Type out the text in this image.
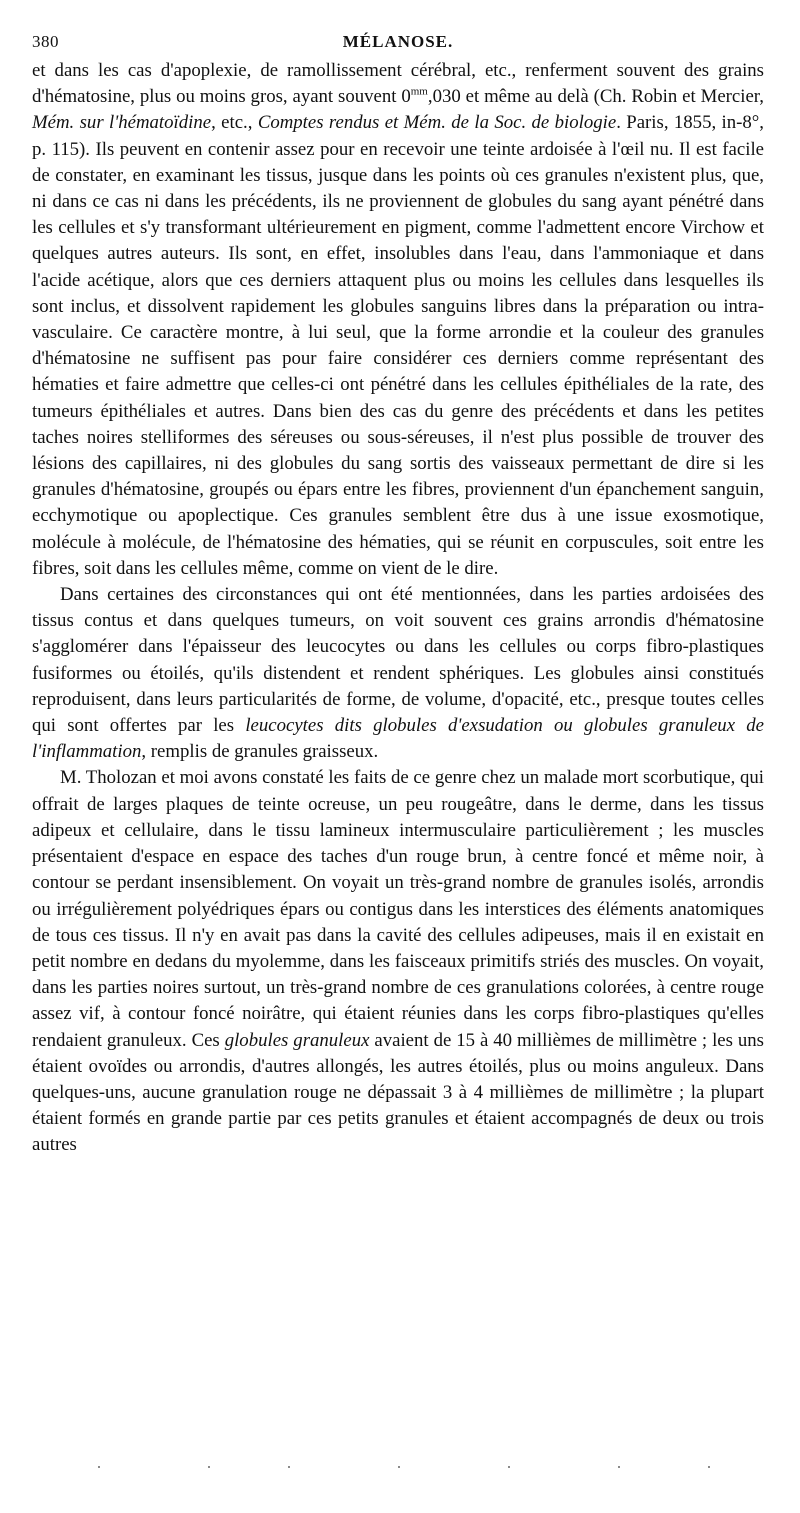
380	MÉLANOSE.

et dans les cas d'apoplexie, de ramollissement cérébral, etc., renferment souvent des grains d'hématosine, plus ou moins gros, ayant souvent $0^{mm},030$ et même au delà (Ch. Robin et Mercier, Mém. sur l'hématoïdine, etc., Comptes rendus et Mém. de la Soc. de biologie. Paris, 1855, in-8°, p. 115). Ils peuvent en contenir assez pour en recevoir une teinte ardoisée à l'œil nu. Il est facile de constater, en examinant les tissus, jusque dans les points où ces granules n'existent plus, que, ni dans ce cas ni dans les précédents, ils ne proviennent de globules du sang ayant pénétré dans les cellules et s'y transformant ultérieurement en pigment, comme l'admettent encore Virchow et quelques autres auteurs. Ils sont, en effet, insolubles dans l'eau, dans l'ammoniaque et dans l'acide acétique, alors que ces derniers attaquent plus ou moins les cellules dans lesquelles ils sont inclus, et dissolvent rapidement les globules sanguins libres dans la préparation ou intra-vasculaire. Ce caractère montre, à lui seul, que la forme arrondie et la couleur des granules d'hématosine ne suffisent pas pour faire considérer ces derniers comme représentant des hématies et faire admettre que celles-ci ont pénétré dans les cellules épithéliales de la rate, des tumeurs épithéliales et autres. Dans bien des cas du genre des précédents et dans les petites taches noires stelliformes des séreuses ou sous-séreuses, il n'est plus possible de trouver des lésions des capillaires, ni des globules du sang sortis des vaisseaux permettant de dire si les granules d'hématosine, groupés ou épars entre les fibres, proviennent d'un épanchement sanguin, ecchymotique ou apoplectique. Ces granules semblent être dus à une issue exosmotique, molécule à molécule, de l'hématosine des hématies, qui se réunit en corpuscules, soit entre les fibres, soit dans les cellules même, comme on vient de le dire.

Dans certaines des circonstances qui ont été mentionnées, dans les parties ardoisées des tissus contus et dans quelques tumeurs, on voit souvent ces grains arrondis d'hématosine s'agglomérer dans l'épaisseur des leucocytes ou dans les cellules ou corps fibro-plastiques fusiformes ou étoilés, qu'ils distendent et rendent sphériques. Les globules ainsi constitués reproduisent, dans leurs particularités de forme, de volume, d'opacité, etc., presque toutes celles qui sont offertes par les leucocytes dits globules d'exsudation ou globules granuleux de l'inflammation, remplis de granules graisseux.

M. Tholozan et moi avons constaté les faits de ce genre chez un malade mort scorbutique, qui offrait de larges plaques de teinte ocreuse, un peu rougeâtre, dans le derme, dans les tissus adipeux et cellulaire, dans le tissu lamineux intermusculaire particulièrement ; les muscles présentaient d'espace en espace des taches d'un rouge brun, à centre foncé et même noir, à contour se perdant insensiblement. On voyait un très-grand nombre de granules isolés, arrondis ou irrégulièrement polyédriques épars ou contigus dans les interstices des éléments anatomiques de tous ces tissus. Il n'y en avait pas dans la cavité des cellules adipeuses, mais il en existait en petit nombre en dedans du myolemme, dans les faisceaux primitifs striés des muscles. On voyait, dans les parties noires surtout, un très-grand nombre de ces granulations colorées, à centre rouge assez vif, à contour foncé noirâtre, qui étaient réunies dans les corps fibro-plastiques qu'elles rendaient granuleux. Ces globules granuleux avaient de 15 à 40 millièmes de millimètre ; les uns étaient ovoïdes ou arrondis, d'autres allongés, les autres étoilés, plus ou moins anguleux. Dans quelques-uns, aucune granulation rouge ne dépassait 3 à 4 millièmes de millimètre ; la plupart étaient formés en grande partie par ces petits granules et étaient accompagnés de deux ou trois autres
